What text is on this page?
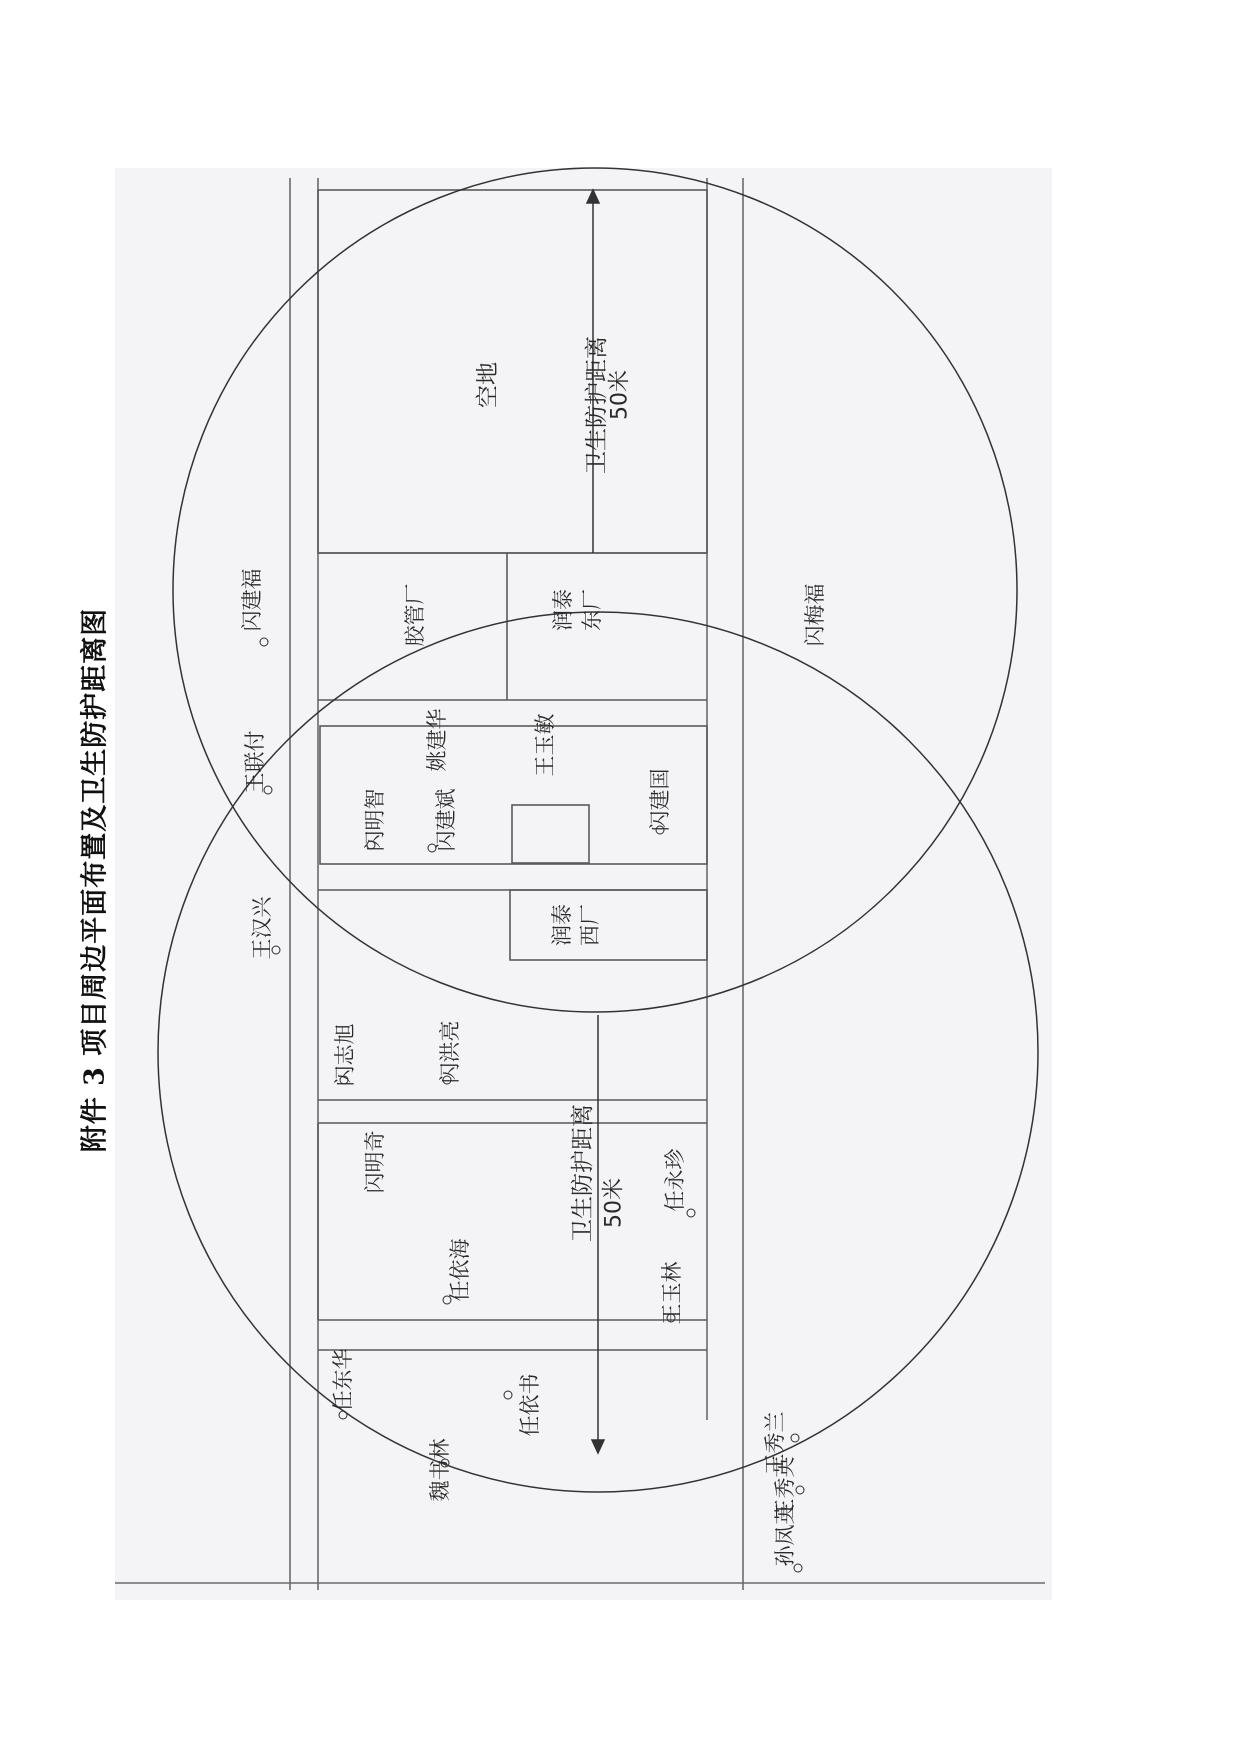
附件 3 项目周边平面布置及卫生防护距离图
卫生防护距离
50米
卫生防护距离 50米
空地
胶管厂	润泰 东厂
润泰 西厂
闪建福
王联付
王汉兴
闪明智 闪建斌
姚建华	王玉敏
闪建国
闪志旭	闪洪亮
闪明奇
任依海
任永珍
王玉林
任东华	任依书
魏书林	王秀兰
孙凤英
王秀英
闪梅福
